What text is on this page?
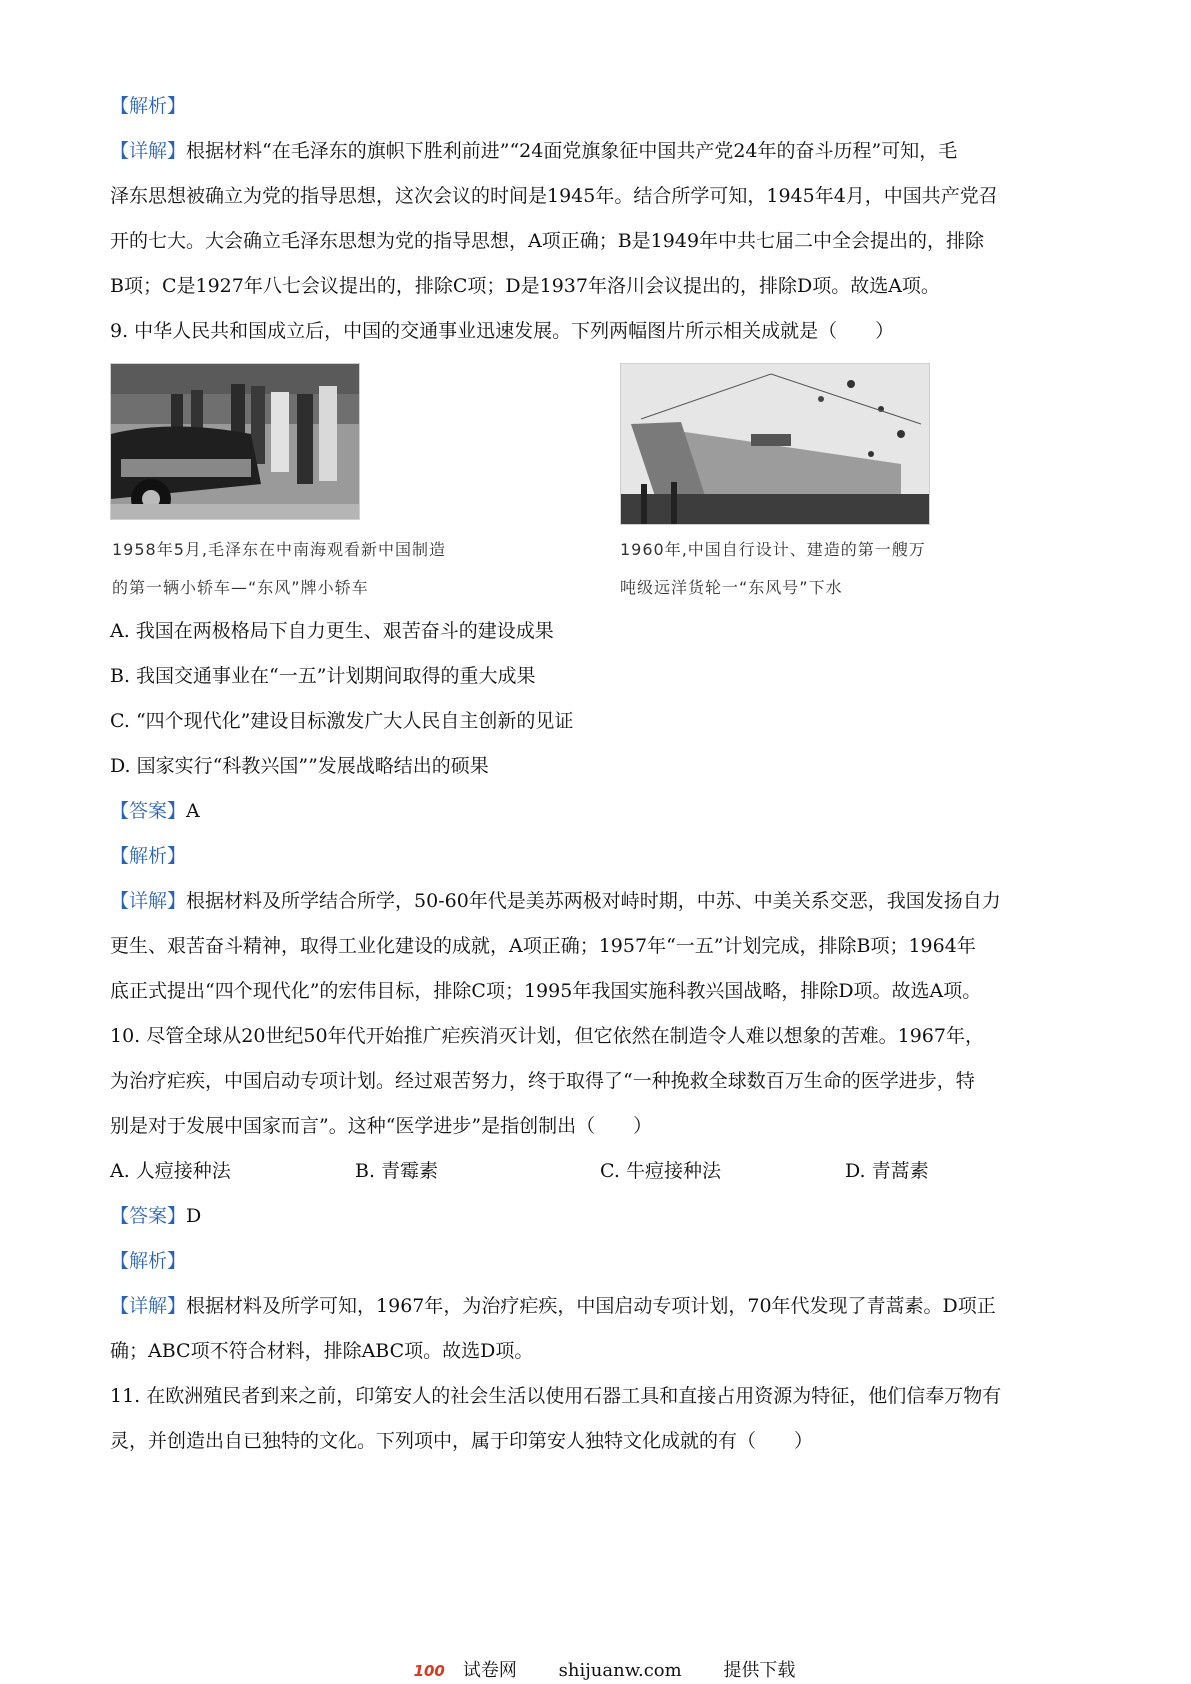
【解析】
【详解】根据材料“在毛泽东的旗帜下胜利前进”“24面党旗象征中国共产党24年的奋斗历程”可知，毛
泽东思想被确立为党的指导思想，这次会议的时间是1945年。结合所学可知，1945年4月，中国共产党召
开的七大。大会确立毛泽东思想为党的指导思想，A项正确；B是1949年中共七届二中全会提出的，排除
B项；C是1927年八七会议提出的，排除C项；D是1937年洛川会议提出的，排除D项。故选A项。
9. 中华人民共和国成立后，中国的交通事业迅速发展。下列两幅图片所示相关成就是（　　）
1958年5月,毛泽东在中南海观看新中国制造
的第一辆小轿车—“东风”牌小轿车
1960年,中国自行设计、建造的第一艘万
吨级远洋货轮一“东风号”下水
A. 我国在两极格局下自力更生、艰苦奋斗的建设成果
B. 我国交通事业在“一五”计划期间取得的重大成果
C. “四个现代化”建设目标激发广大人民自主创新的见证
D. 国家实行“科教兴国””发展战略结出的硕果
【答案】A
【解析】
【详解】根据材料及所学结合所学，50-60年代是美苏两极对峙时期，中苏、中美关系交恶，我国发扬自力
更生、艰苦奋斗精神，取得工业化建设的成就，A项正确；1957年“一五”计划完成，排除B项；1964年
底正式提出“四个现代化”的宏伟目标，排除C项；1995年我国实施科教兴国战略，排除D项。故选A项。
10. 尽管全球从20世纪50年代开始推广疟疾消灭计划，但它依然在制造令人难以想象的苦难。1967年，
为治疗疟疾，中国启动专项计划。经过艰苦努力，终于取得了“一种挽救全球数百万生命的医学进步，特
别是对于发展中国家而言”。这种“医学进步”是指创制出（　　）
A. 人痘接种法	B. 青霉素	C. 牛痘接种法	D. 青蒿素
【答案】D
【解析】
【详解】根据材料及所学可知，1967年，为治疗疟疾，中国启动专项计划，70年代发现了青蒿素。D项正
确；ABC项不符合材料，排除ABC项。故选D项。
11. 在欧洲殖民者到来之前，印第安人的社会生活以使用石器工具和直接占用资源为特征，他们信奉万物有
灵，并创造出自已独特的文化。下列项中，属于印第安人独特文化成就的有（　　）
100 试卷网 shijuanw.com 提供下载
